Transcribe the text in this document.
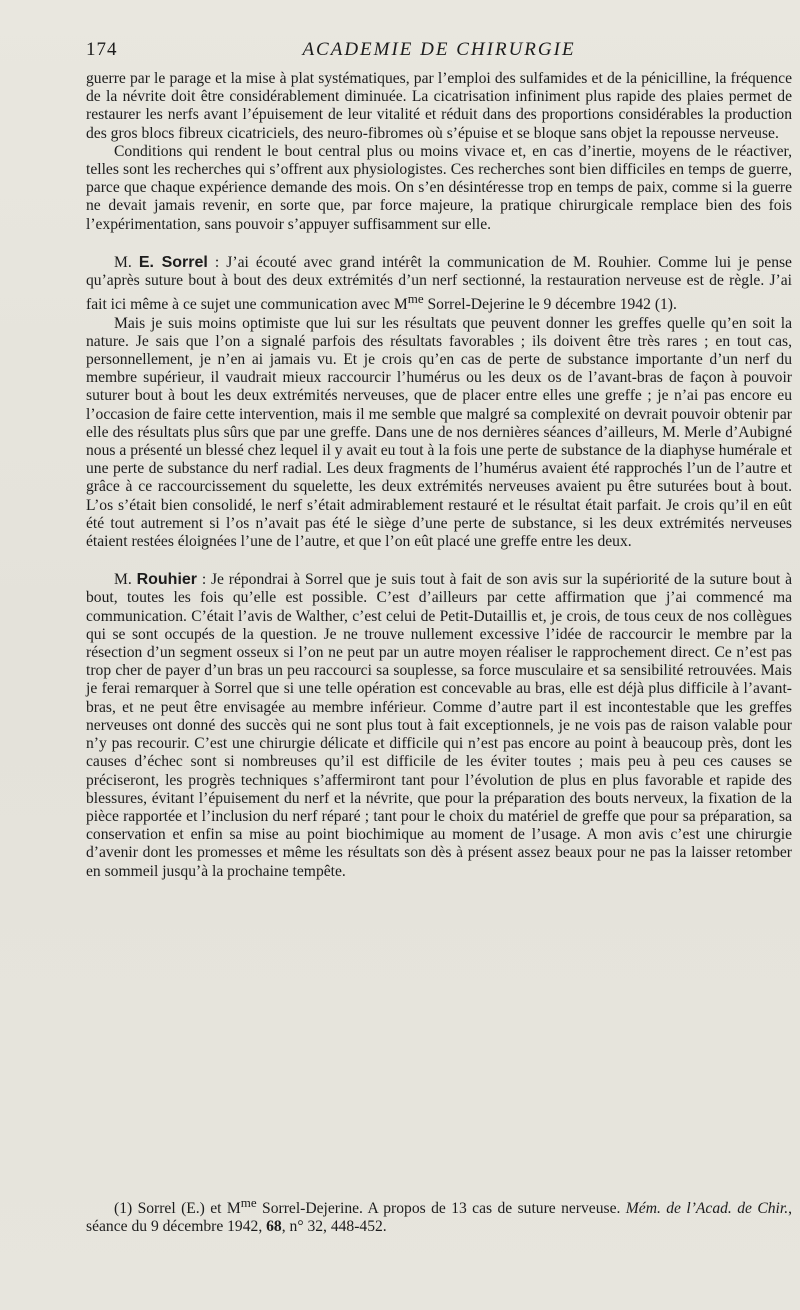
174	ACADEMIE DE CHIRURGIE

guerre par le parage et la mise à plat systématiques, par l’emploi des sulfamides et de la pénicilline, la fréquence de la névrite doit être considérablement diminuée. La cicatrisation infiniment plus rapide des plaies permet de restaurer les nerfs avant l’épuisement de leur vitalité et réduit dans des proportions considérables la production des gros blocs fibreux cicatriciels, des neuro-fibromes où s’épuise et se bloque sans objet la repousse nerveuse.

Conditions qui rendent le bout central plus ou moins vivace et, en cas d’inertie, moyens de le réactiver, telles sont les recherches qui s’offrent aux physiologistes. Ces recherches sont bien difficiles en temps de guerre, parce que chaque expérience demande des mois. On s’en désintéresse trop en temps de paix, comme si la guerre ne devait jamais revenir, en sorte que, par force majeure, la pratique chirurgicale remplace bien des fois l’expérimentation, sans pouvoir s’appuyer suffisamment sur elle.

M. E. Sorrel : J’ai écouté avec grand intérêt la communication de M. Rouhier. Comme lui je pense qu’après suture bout à bout des deux extrémités d’un nerf sectionné, la restauration nerveuse est de règle. J’ai fait ici même à ce sujet une communication avec $M^{me}$ Sorrel-Dejerine le 9 décembre 1942 (1).

Mais je suis moins optimiste que lui sur les résultats que peuvent donner les greffes quelle qu’en soit la nature. Je sais que l’on a signalé parfois des résultats favorables ; ils doivent être très rares ; en tout cas, personnellement, je n’en ai jamais vu. Et je crois qu’en cas de perte de substance importante d’un nerf du membre supérieur, il vaudrait mieux raccourcir l’humérus ou les deux os de l’avant-bras de façon à pouvoir suturer bout à bout les deux extrémités nerveuses, que de placer entre elles une greffe ; je n’ai pas encore eu l’occasion de faire cette intervention, mais il me semble que malgré sa complexité on devrait pouvoir obtenir par elle des résultats plus sûrs que par une greffe. Dans une de nos dernières séances d’ailleurs, M. Merle d’Aubigné nous a présenté un blessé chez lequel il y avait eu tout à la fois une perte de substance de la diaphyse humérale et une perte de substance du nerf radial. Les deux fragments de l’humérus avaient été rapprochés l’un de l’autre et grâce à ce raccourcissement du squelette, les deux extrémités nerveuses avaient pu être suturées bout à bout. L’os s’était bien consolidé, le nerf s’était admirablement restauré et le résultat était parfait. Je crois qu’il en eût été tout autrement si l’os n’avait pas été le siège d’une perte de substance, si les deux extrémités nerveuses étaient restées éloignées l’une de l’autre, et que l’on eût placé une greffe entre les deux.

M. Rouhier : Je répondrai à Sorrel que je suis tout à fait de son avis sur la supériorité de la suture bout à bout, toutes les fois qu’elle est possible. C’est d’ailleurs par cette affirmation que j’ai commencé ma communication. C’était l’avis de Walther, c’est celui de Petit-Dutaillis et, je crois, de tous ceux de nos collègues qui se sont occupés de la question. Je ne trouve nullement excessive l’idée de raccourcir le membre par la résection d’un segment osseux si l’on ne peut par un autre moyen réaliser le rapprochement direct. Ce n’est pas trop cher de payer d’un bras un peu raccourci sa souplesse, sa force musculaire et sa sensibilité retrouvées. Mais je ferai remarquer à Sorrel que si une telle opération est concevable au bras, elle est déjà plus difficile à l’avant-bras, et ne peut être envisagée au membre inférieur. Comme d’autre part il est incontestable que les greffes nerveuses ont donné des succès qui ne sont plus tout à fait exceptionnels, je ne vois pas de raison valable pour n’y pas recourir. C’est une chirurgie délicate et difficile qui n’est pas encore au point à beaucoup près, dont les causes d’échec sont si nombreuses qu’il est difficile de les éviter toutes ; mais peu à peu ces causes se préciseront, les progrès techniques s’affermiront tant pour l’évolution de plus en plus favorable et rapide des blessures, évitant l’épuisement du nerf et la névrite, que pour la préparation des bouts nerveux, la fixation de la pièce rapportée et l’inclusion du nerf réparé ; tant pour le choix du matériel de greffe que pour sa préparation, sa conservation et enfin sa mise au point biochimique au moment de l’usage. A mon avis c’est une chirurgie d’avenir dont les promesses et même les résultats son dès à présent assez beaux pour ne pas la laisser retomber en sommeil jusqu’à la prochaine tempête.

(1) Sorrel (E.) et $M^{me}$ Sorrel-Dejerine. A propos de 13 cas de suture nerveuse. Mém. de l’Acad. de Chir., séance du 9 décembre 1942, 68, n° 32, 448-452.
